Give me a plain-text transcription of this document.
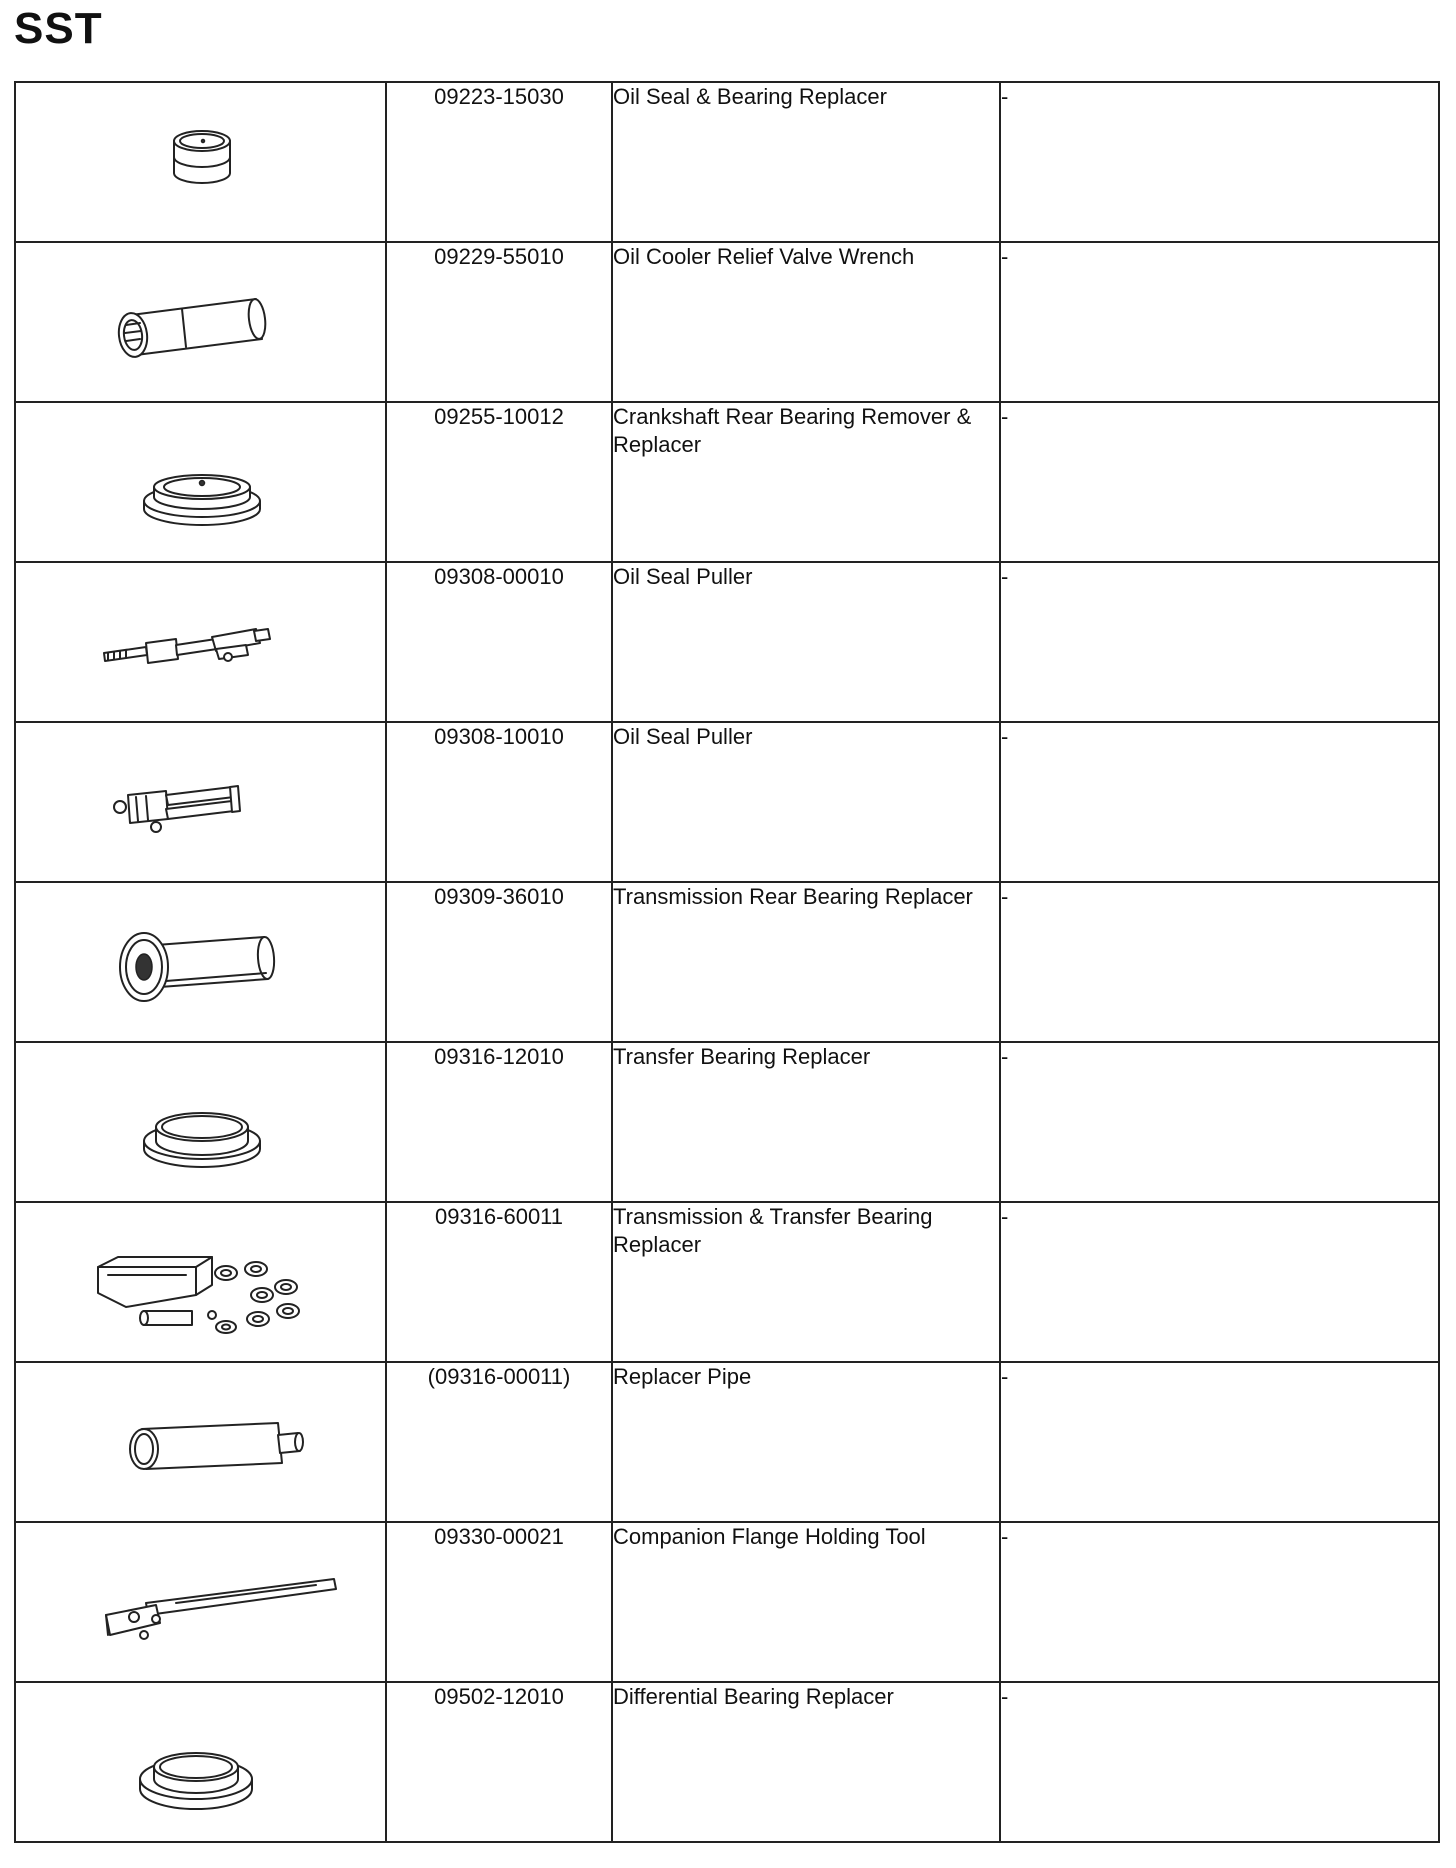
SST
	09223-15030	Oil Seal & Bearing Replacer	-

	09229-55010	Oil Cooler Relief Valve Wrench	-

	09255-10012	Crankshaft Rear Bearing Remover & Replacer	-

	09308-00010	Oil Seal Puller	-

	09308-10010	Oil Seal Puller	-

	09309-36010	Transmission Rear Bearing Replacer	-

	09316-12010	Transfer Bearing Replacer	-

	09316-60011	Transmission & Transfer Bearing Replacer	-

	(09316-00011)	Replacer Pipe	-

	09330-00021	Companion Flange Holding Tool	-

	09502-12010	Differential Bearing Replacer	-
